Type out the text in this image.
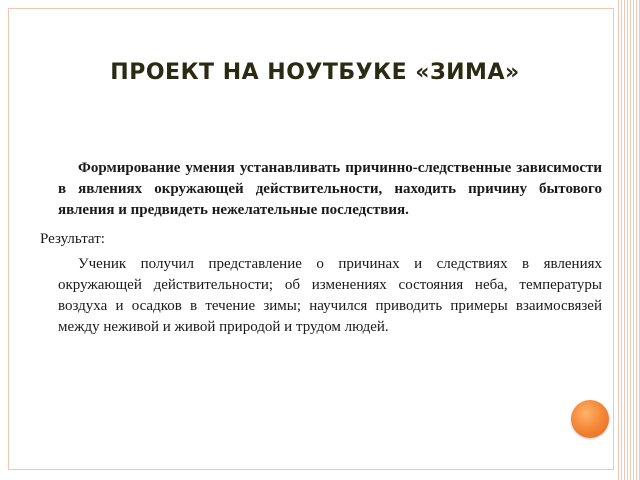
ПРОЕКТ НА НОУТБУКЕ «ЗИМА»

Формирование умения устанавливать причинно-следственные зависимости в явлениях окружающей действительности, находить причину бытового явления и предвидеть нежелательные последствия.

Результат:

Ученик получил представление о причинах и следствиях в явлениях окружающей действительности; об изменениях состояния неба, температуры воздуха и осадков в течение зимы; научился приводить примеры взаимосвязей между неживой и живой природой и трудом людей.
